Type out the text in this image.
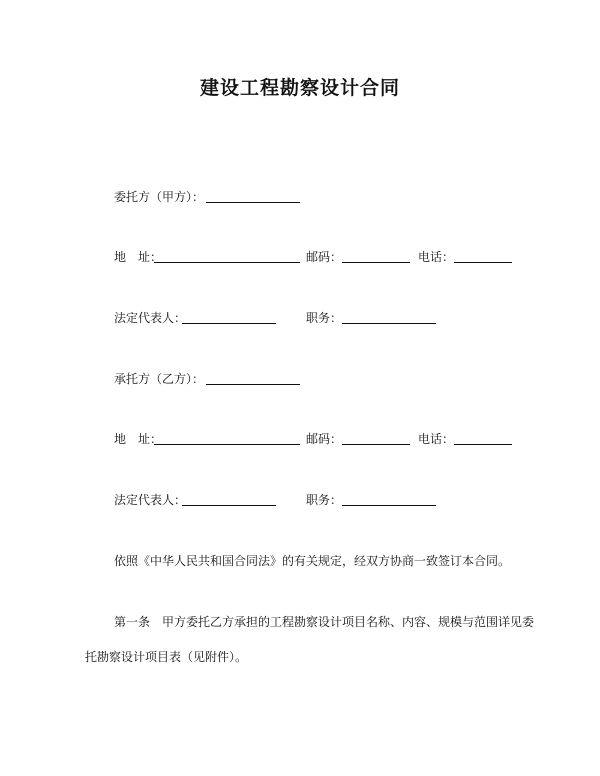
建设工程勘察设计合同
委托方（甲方）：
地　址：	邮码：	电话：
法定代表人：	职务：
承托方（乙方）：
地　址：	邮码：	电话：
法定代表人：	职务：
依照《中华人民共和国合同法》的有关规定，经双方协商一致签订本合同。
第一条　甲方委托乙方承担的工程勘察设计项目名称、内容、规模与范围详见委
托勘察设计项目表（见附件）。
